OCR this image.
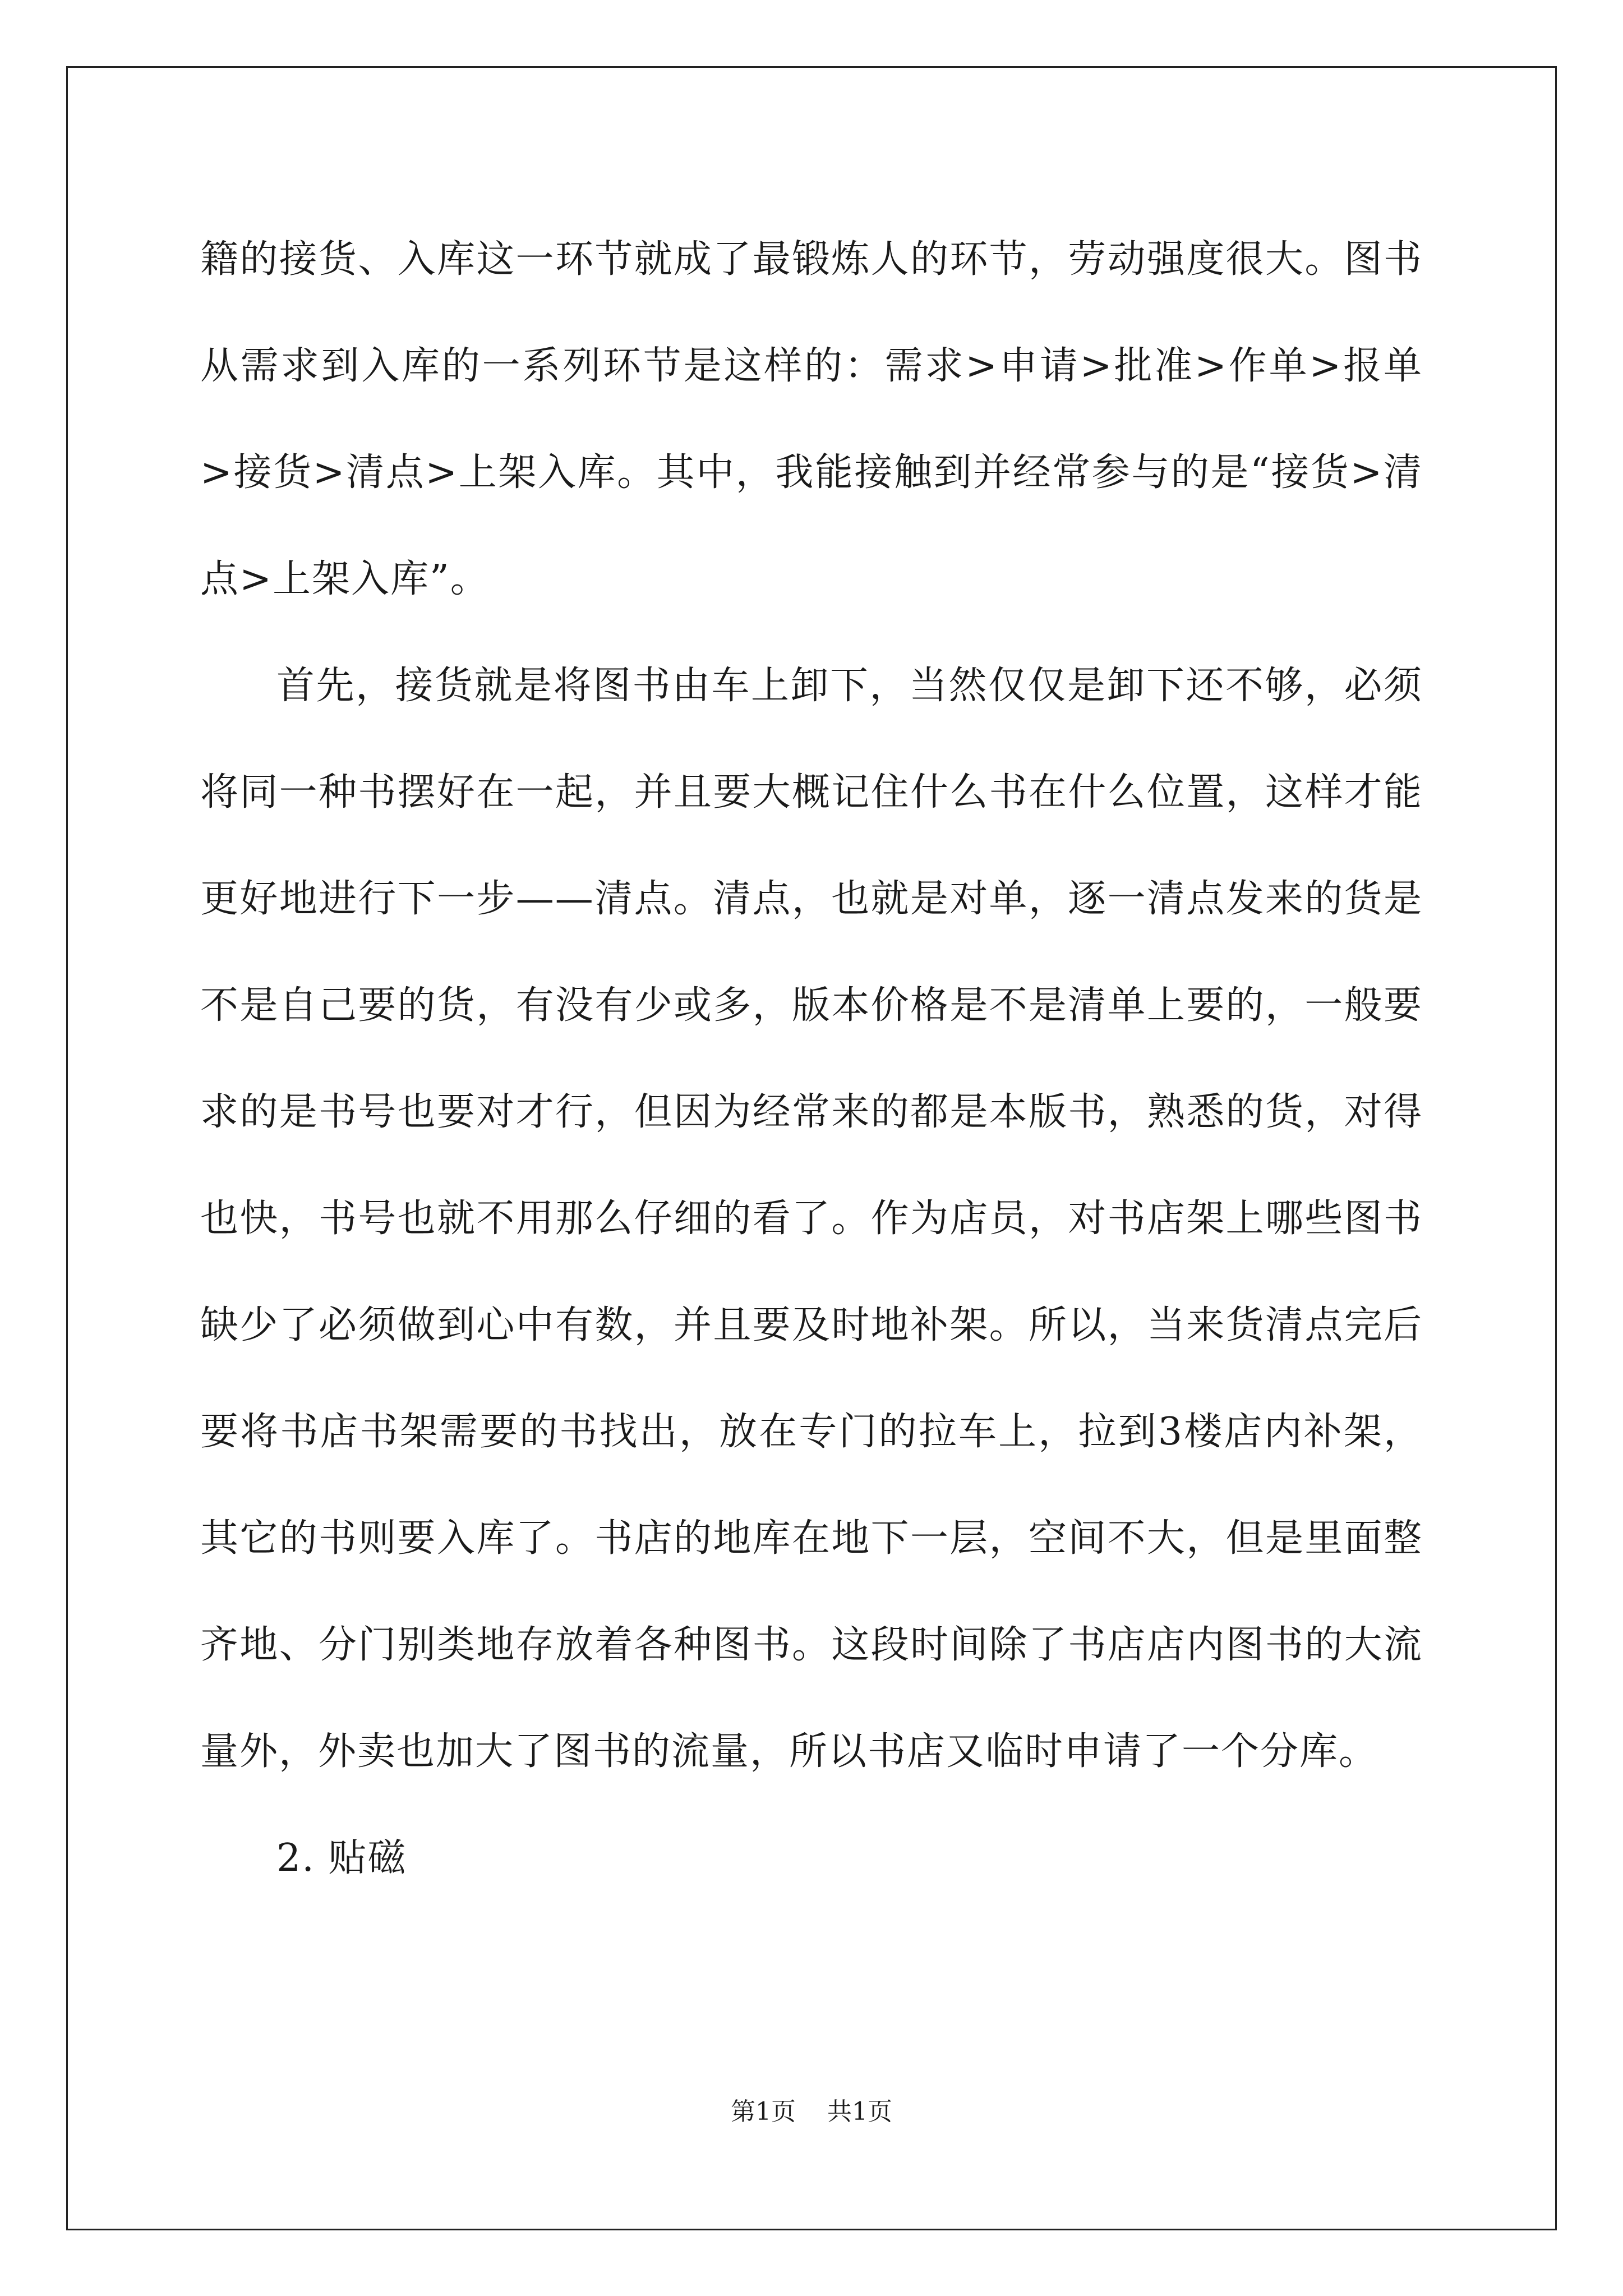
籍的接货、入库这一环节就成了最锻炼人的环节，劳动强度很大。图书从需求到入库的一系列环节是这样的：需求>申请>批准>作单>报单>接货>清点>上架入库。其中，我能接触到并经常参与的是“接货>清点>上架入库”。

首先，接货就是将图书由车上卸下，当然仅仅是卸下还不够，必须将同一种书摆好在一起，并且要大概记住什么书在什么位置，这样才能更好地进行下一步——清点。清点，也就是对单，逐一清点发来的货是不是自己要的货，有没有少或多，版本价格是不是清单上要的，一般要求的是书号也要对才行，但因为经常来的都是本版书，熟悉的货，对得也快，书号也就不用那么仔细的看了。作为店员，对书店架上哪些图书缺少了必须做到心中有数，并且要及时地补架。所以，当来货清点完后要将书店书架需要的书找出，放在专门的拉车上，拉到3楼店内补架，其它的书则要入库了。书店的地库在地下一层，空间不大，但是里面整齐地、分门别类地存放着各种图书。这段时间除了书店店内图书的大流量外，外卖也加大了图书的流量，所以书店又临时申请了一个分库。

2. 贴磁

第1页 共1页
